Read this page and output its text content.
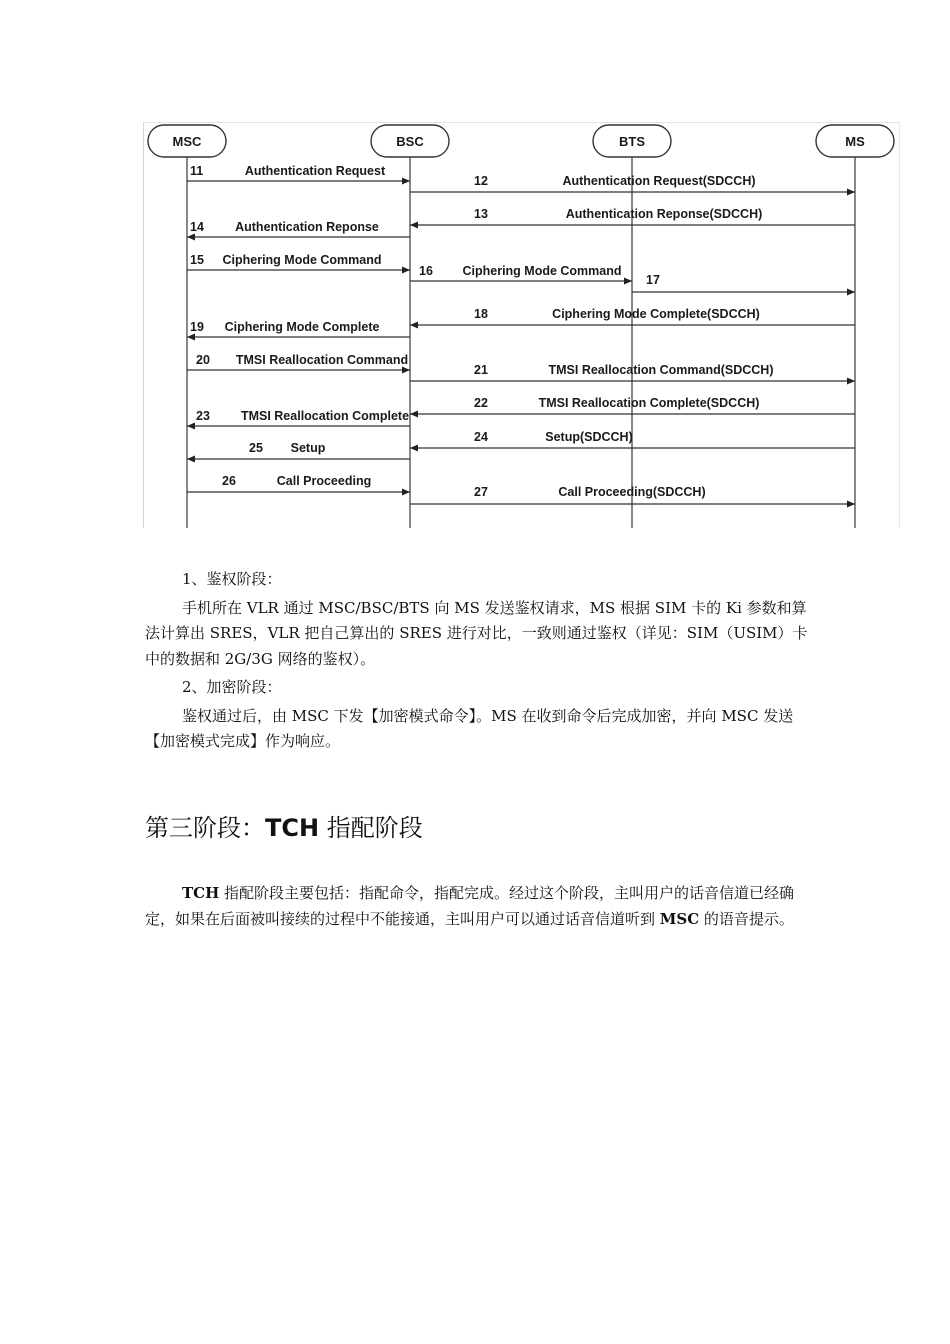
MSC	BSC	BTS	MS
11	Authentication Request
12	Authentication Request(SDCCH)
13	Authentication Reponse(SDCCH)
14 Authentication Reponse
15 Ciphering Mode Command
16 Ciphering Mode Command
17
18	Ciphering Mode Complete(SDCCH)
19 Ciphering Mode Complete
20 TMSI Reallocation Command
21	TMSI Reallocation Command(SDCCH)
22	TMSI Reallocation Complete(SDCCH)
23 TMSI Reallocation Complete
24	Setup(SDCCH)
25 Setup
26	Call Proceeding
27	Call Proceeding(SDCCH)

1、鉴权阶段：

手机所在 VLR 通过 MSC/BSC/BTS 向 MS 发送鉴权请求，MS 根据 SIM 卡的 Ki 参数和算法计算出 SRES，VLR 把自己算出的 SRES 进行对比，一致则通过鉴权（详见：SIM（USIM）卡中的数据和 2G/3G 网络的鉴权）。

2、加密阶段：

鉴权通过后，由 MSC 下发【加密模式命令】。MS 在收到命令后完成加密，并向 MSC 发送【加密模式完成】作为响应。

第三阶段：TCH 指配阶段

TCH 指配阶段主要包括：指配命令，指配完成。经过这个阶段，主叫用户的话音信道已经确定，如果在后面被叫接续的过程中不能接通，主叫用户可以通过话音信道听到 MSC 的语音提示。
